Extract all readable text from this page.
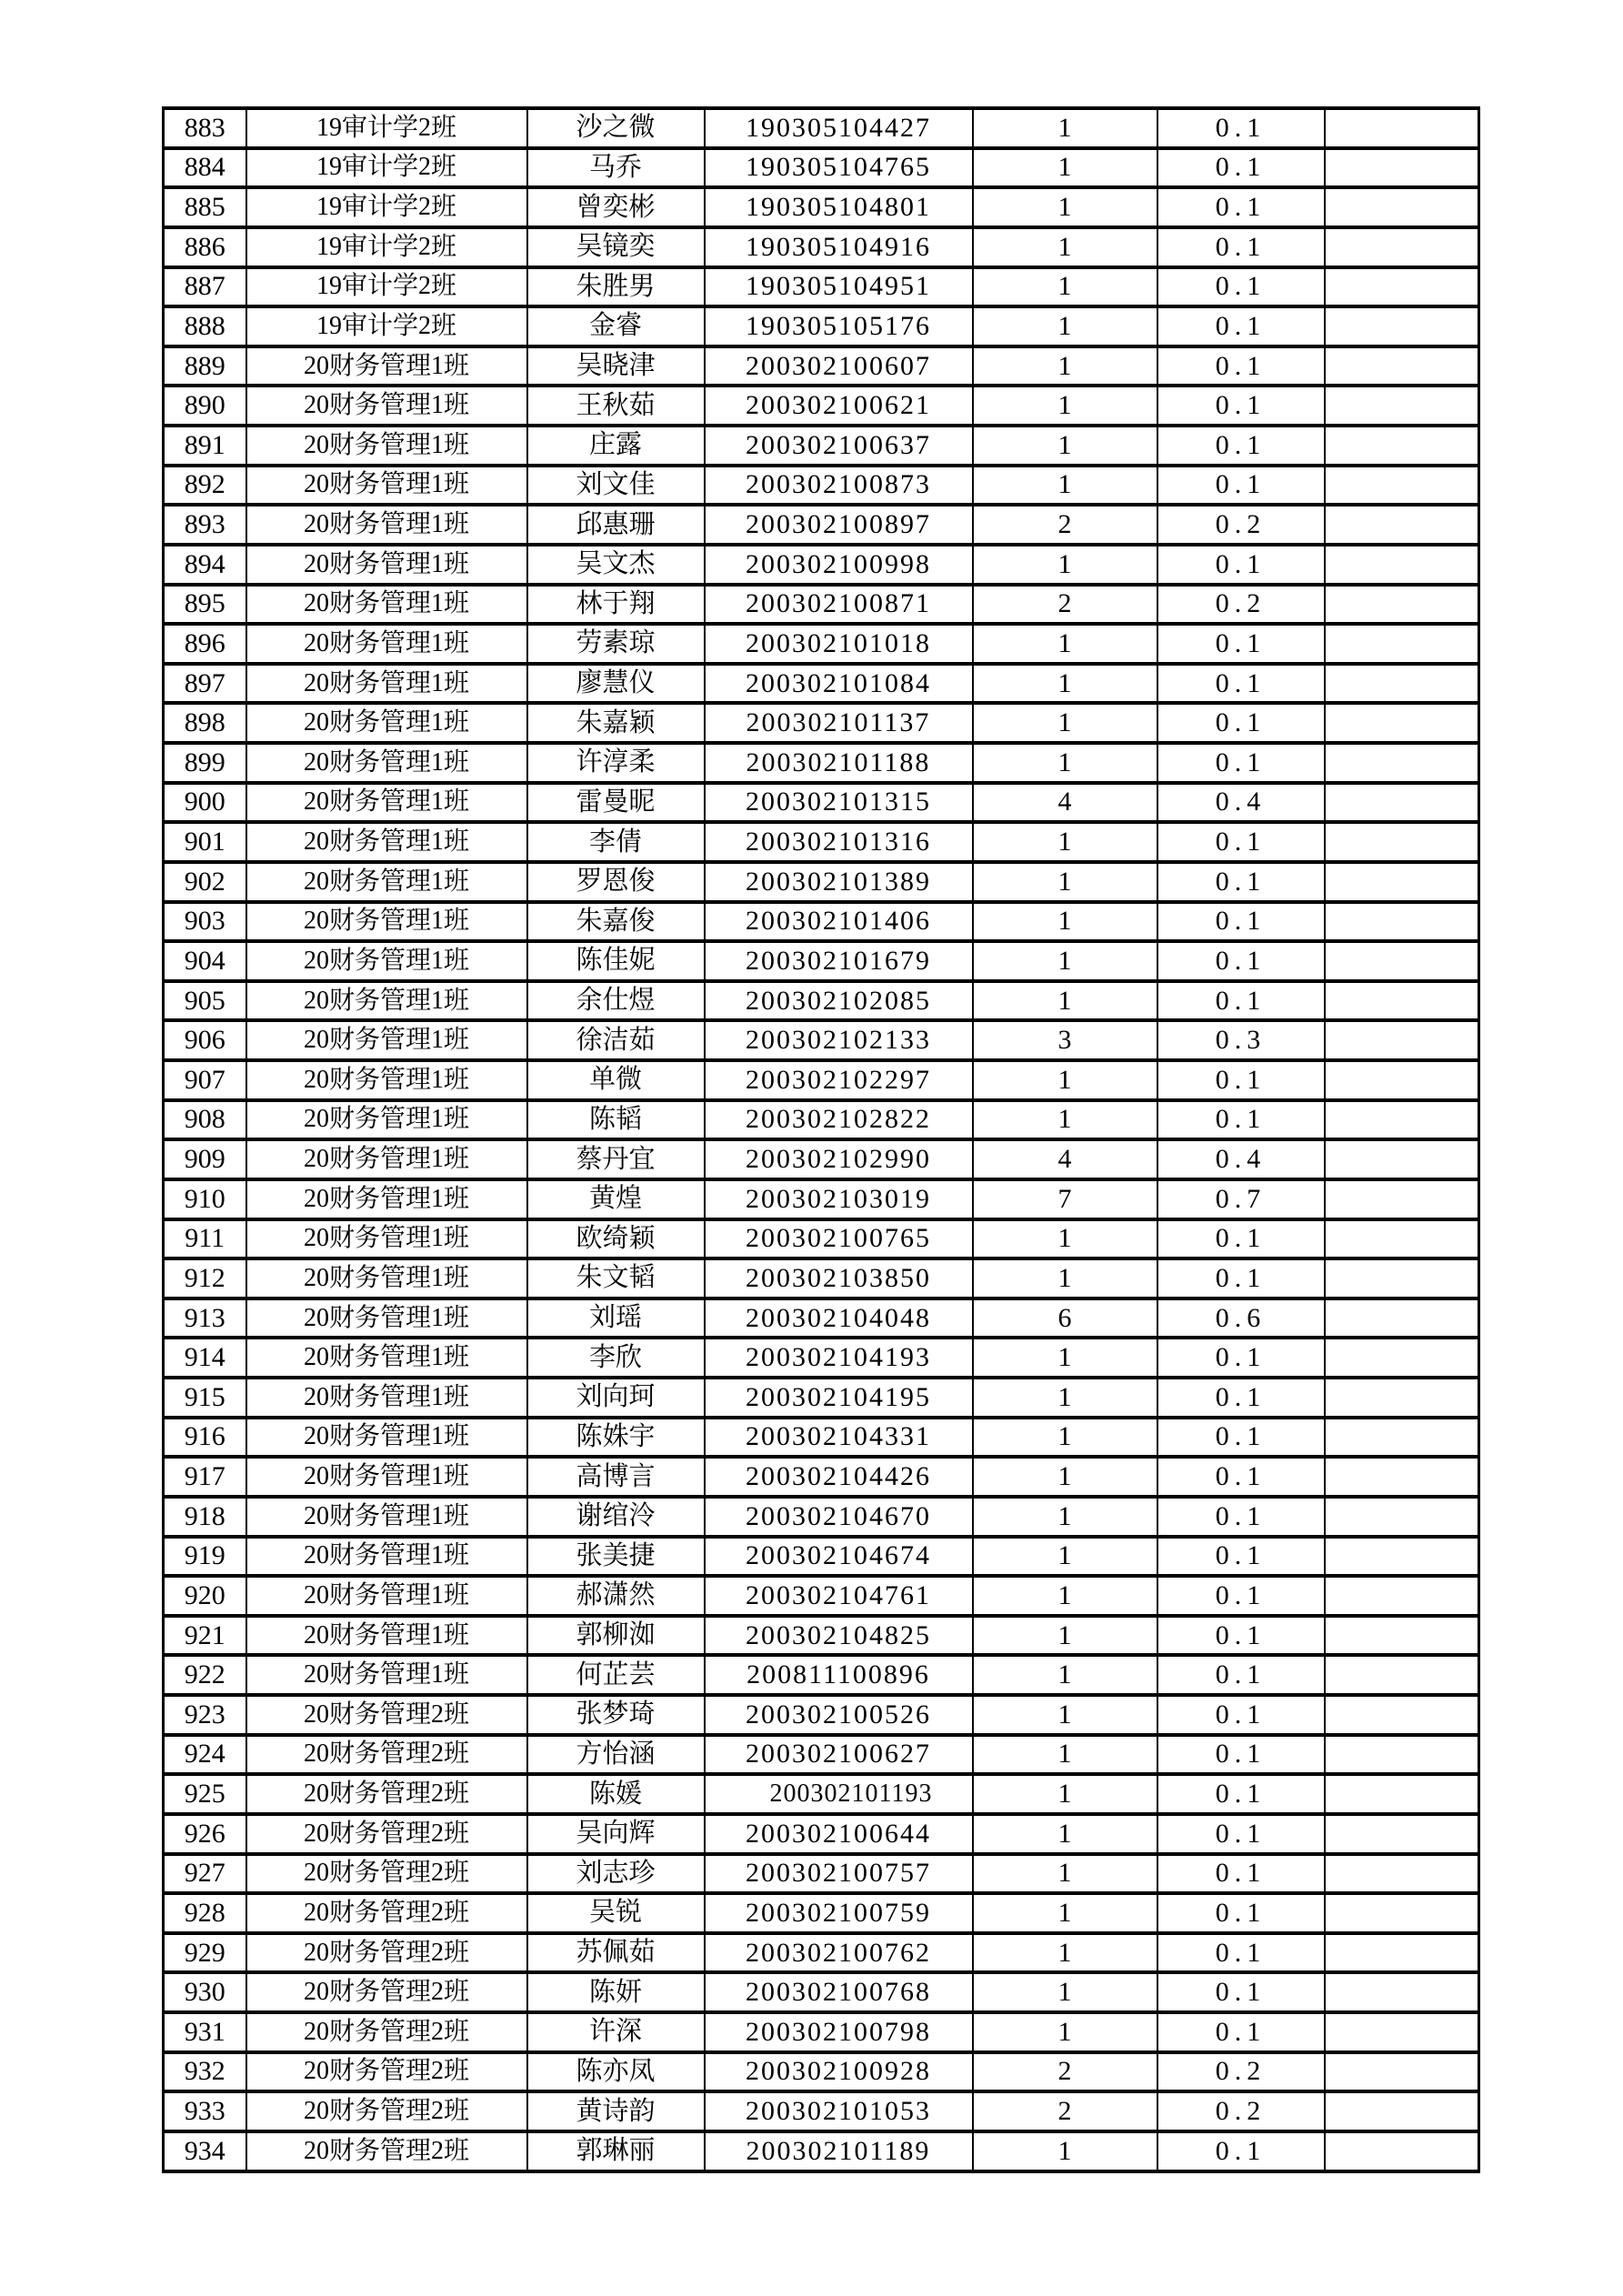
883	19审计学2班	沙之微	190305104427	1	0.1	
884	19审计学2班	马乔	190305104765	1	0.1	
885	19审计学2班	曾奕彬	190305104801	1	0.1	
886	19审计学2班	吴镜奕	190305104916	1	0.1	
887	19审计学2班	朱胜男	190305104951	1	0.1	
888	19审计学2班	金睿	190305105176	1	0.1	
889	20财务管理1班	吴晓津	200302100607	1	0.1	
890	20财务管理1班	王秋茹	200302100621	1	0.1	
891	20财务管理1班	庄露	200302100637	1	0.1	
892	20财务管理1班	刘文佳	200302100873	1	0.1	
893	20财务管理1班	邱惠珊	200302100897	2	0.2	
894	20财务管理1班	吴文杰	200302100998	1	0.1	
895	20财务管理1班	林于翔	200302100871	2	0.2	
896	20财务管理1班	劳素琼	200302101018	1	0.1	
897	20财务管理1班	廖慧仪	200302101084	1	0.1	
898	20财务管理1班	朱嘉颖	200302101137	1	0.1	
899	20财务管理1班	许淳柔	200302101188	1	0.1	
900	20财务管理1班	雷曼昵	200302101315	4	0.4	
901	20财务管理1班	李倩	200302101316	1	0.1	
902	20财务管理1班	罗恩俊	200302101389	1	0.1	
903	20财务管理1班	朱嘉俊	200302101406	1	0.1	
904	20财务管理1班	陈佳妮	200302101679	1	0.1	
905	20财务管理1班	余仕煜	200302102085	1	0.1	
906	20财务管理1班	徐洁茹	200302102133	3	0.3	
907	20财务管理1班	单微	200302102297	1	0.1	
908	20财务管理1班	陈韬	200302102822	1	0.1	
909	20财务管理1班	蔡丹宜	200302102990	4	0.4	
910	20财务管理1班	黄煌	200302103019	7	0.7	
911	20财务管理1班	欧绮颖	200302100765	1	0.1	
912	20财务管理1班	朱文韬	200302103850	1	0.1	
913	20财务管理1班	刘瑶	200302104048	6	0.6	
914	20财务管理1班	李欣	200302104193	1	0.1	
915	20财务管理1班	刘向珂	200302104195	1	0.1	
916	20财务管理1班	陈姝宇	200302104331	1	0.1	
917	20财务管理1班	高博言	200302104426	1	0.1	
918	20财务管理1班	谢绾泠	200302104670	1	0.1	
919	20财务管理1班	张美捷	200302104674	1	0.1	
920	20财务管理1班	郝潇然	200302104761	1	0.1	
921	20财务管理1班	郭柳洳	200302104825	1	0.1	
922	20财务管理1班	何芷芸	200811100896	1	0.1	
923	20财务管理2班	张梦琦	200302100526	1	0.1	
924	20财务管理2班	方怡涵	200302100627	1	0.1	
925	20财务管理2班	陈媛	200302101193	1	0.1	
926	20财务管理2班	吴向辉	200302100644	1	0.1	
927	20财务管理2班	刘志珍	200302100757	1	0.1	
928	20财务管理2班	吴锐	200302100759	1	0.1	
929	20财务管理2班	苏佩茹	200302100762	1	0.1	
930	20财务管理2班	陈妍	200302100768	1	0.1	
931	20财务管理2班	许深	200302100798	1	0.1	
932	20财务管理2班	陈亦凤	200302100928	2	0.2	
933	20财务管理2班	黄诗韵	200302101053	2	0.2	
934	20财务管理2班	郭琳丽	200302101189	1	0.1	
